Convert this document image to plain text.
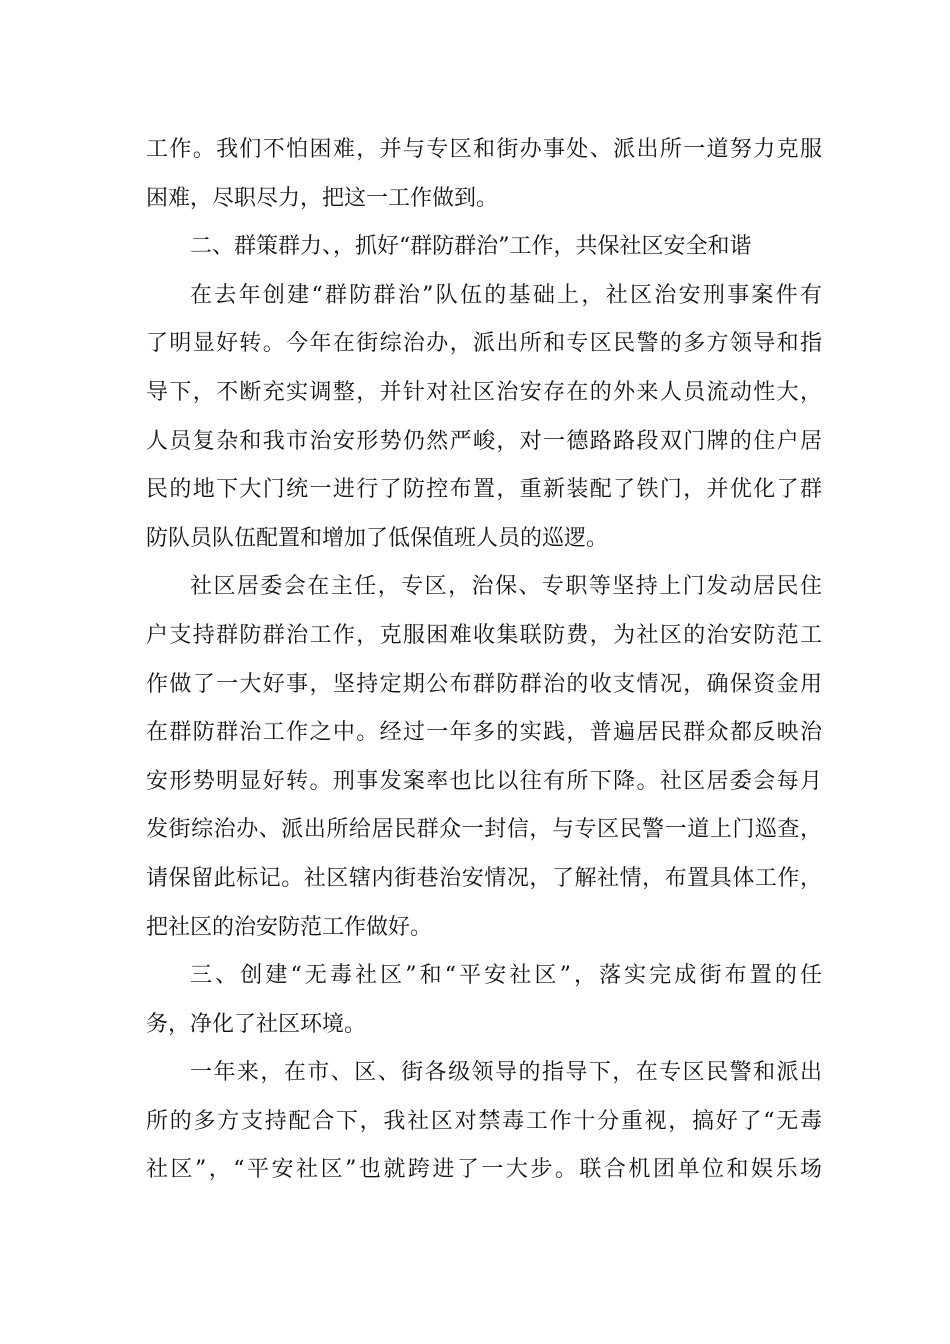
工作。我们不怕困难，并与专区和街办事处、派出所一道努力克服
困难，尽职尽力，把这一工作做到。
二、群策群力、，抓好“群防群治”工作，共保社区安全和谐
在去年创建“群防群治”队伍的基础上，社区治安刑事案件有
了明显好转。今年在街综治办，派出所和专区民警的多方领导和指
导下，不断充实调整，并针对社区治安存在的外来人员流动性大，
人员复杂和我市治安形势仍然严峻，对一德路路段双门牌的住户居
民的地下大门统一进行了防控布置，重新装配了铁门，并优化了群
防队员队伍配置和增加了低保值班人员的巡逻。
社区居委会在主任，专区，治保、专职等坚持上门发动居民住
户支持群防群治工作，克服困难收集联防费，为社区的治安防范工
作做了一大好事，坚持定期公布群防群治的收支情况，确保资金用
在群防群治工作之中。经过一年多的实践，普遍居民群众都反映治
安形势明显好转。刑事发案率也比以往有所下降。社区居委会每月
发街综治办、派出所给居民群众一封信，与专区民警一道上门巡查，
请保留此标记。社区辖内街巷治安情况，了解社情，布置具体工作，
把社区的治安防范工作做好。
三、创建“无毒社区”和“平安社区”，落实完成街布置的任
务，净化了社区环境。
一年来，在市、区、街各级领导的指导下，在专区民警和派出
所的多方支持配合下，我社区对禁毒工作十分重视，搞好了“无毒
社区”，“平安社区”也就跨进了一大步。联合机团单位和娱乐场
